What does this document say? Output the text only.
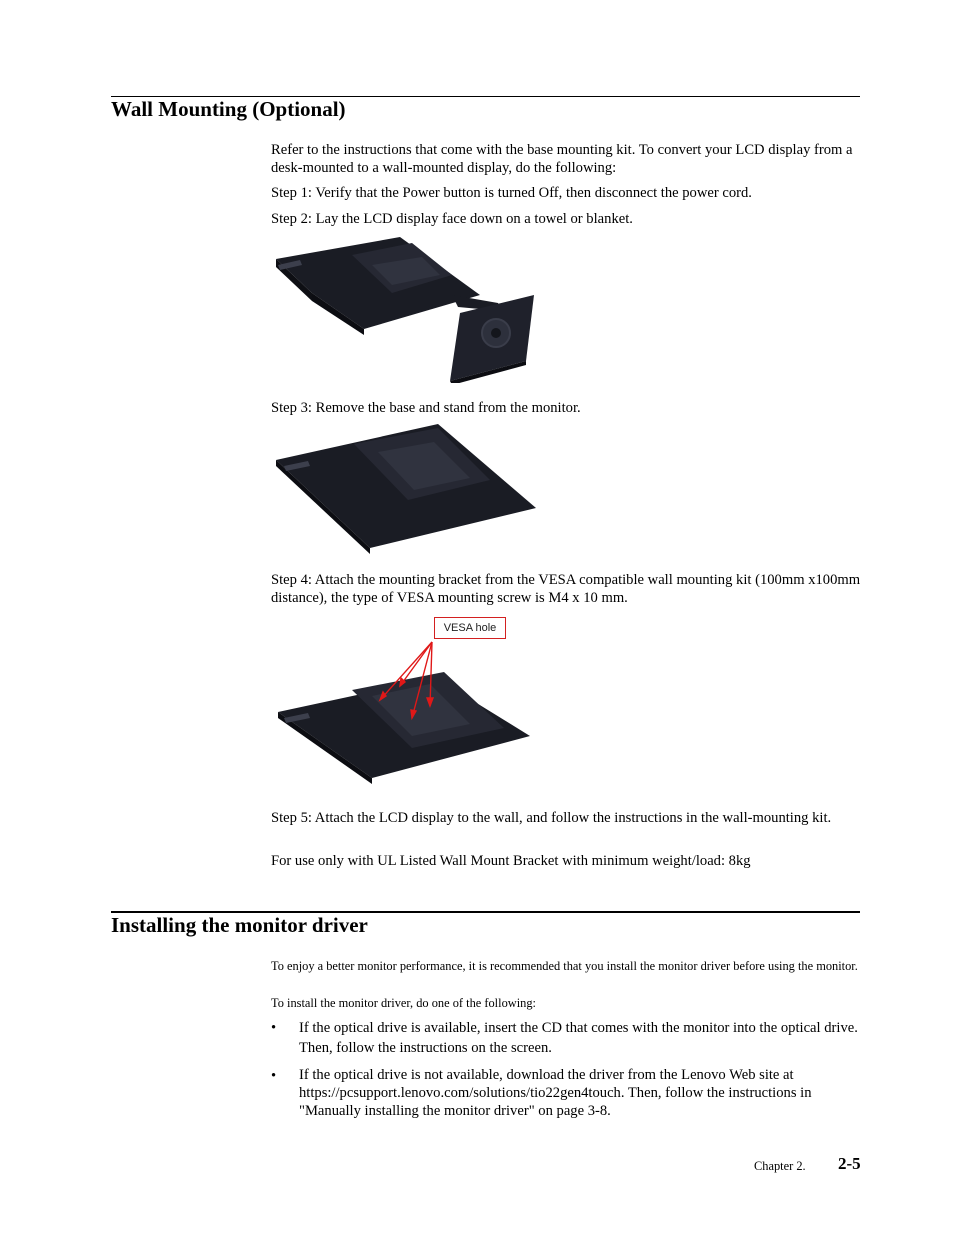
Wall Mounting (Optional)
Refer to the instructions that come with the base mounting kit. To convert your LCD display from a desk-mounted to a wall-mounted display, do the following:
Step 1: Verify that the Power button is turned Off, then disconnect the power cord.
Step 2: Lay the LCD display face down on a towel or blanket.
Step 3: Remove the base and stand from the monitor.
Step 4: Attach the mounting bracket from the VESA compatible wall mounting kit (100mm x100mm distance), the type of VESA mounting screw is M4 x 10 mm.
VESA hole
Step 5: Attach the LCD display to the wall, and follow the instructions in the wall-mounting kit.
For use only with UL Listed Wall Mount Bracket with minimum weight/load: 8kg
Installing the monitor driver
To enjoy a better monitor performance, it is recommended that you install the monitor driver before using the monitor.
To install the monitor driver, do one of the following:
• If the optical drive is available, insert the CD that comes with the monitor into the optical drive. Then, follow the instructions on the screen.
• If the optical drive is not available, download the driver from the Lenovo Web site at https://pcsupport.lenovo.com/solutions/tio22gen4touch. Then, follow the instructions in "Manually installing the monitor driver" on page 3-8.
Chapter 2. 2-5
